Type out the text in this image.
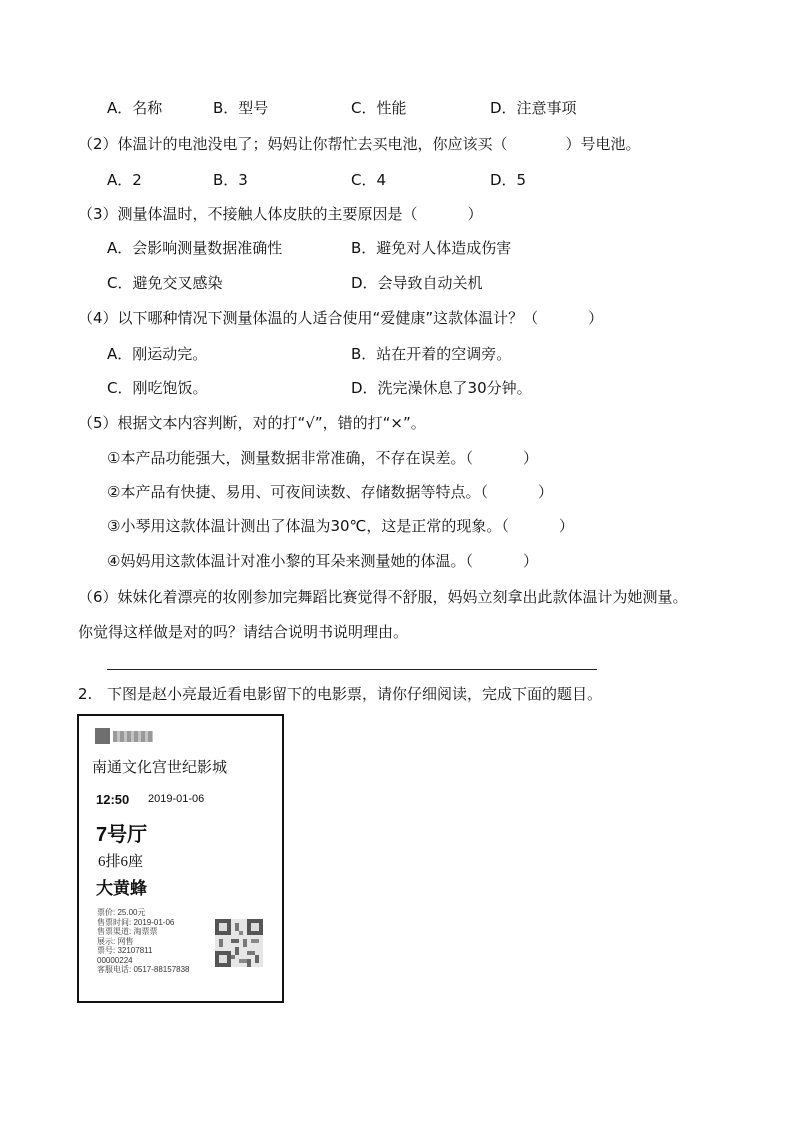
A．名称	B．型号	C．性能	D．注意事项
（2）体温计的电池没电了；妈妈让你帮忙去买电池，你应该买（	）号电池。
A．2	B．3	C．4	D．5
（3）测量体温时，不接触人体皮肤的主要原因是（	）
A．会影响测量数据准确性	B．避免对人体造成伤害
C．避免交叉感染	D．会导致自动关机
（4）以下哪种情况下测量体温的人适合使用“爱健康”这款体温计？（	）
A．刚运动完。	B．站在开着的空调旁。
C．刚吃饱饭。	D．洗完澡休息了30分钟。
（5）根据文本内容判断，对的打“√”，错的打“×”。
①本产品功能强大，测量数据非常准确，不存在误差。（	）
②本产品有快捷、易用、可夜间读数、存储数据等特点。（	）
③小琴用这款体温计测出了体温为30℃，这是正常的现象。（	）
④妈妈用这款体温计对准小黎的耳朵来测量她的体温。（	）
（6）妹妹化着漂亮的妆刚参加完舞蹈比赛觉得不舒服，妈妈立刻拿出此款体温计为她测量。
你觉得这样做是对的吗？请结合说明书说明理由。
2. 下图是赵小亮最近看电影留下的电影票，请你仔细阅读，完成下面的题目。
南通文化宫世纪影城
12:50 2019-01-06
7号厅
6排6座
大黄蜂
票价: 25.00元
售票时间: 2019-01-06
售票渠道: 淘票票
展示: 网售
票号: 32107811
00000224
客服电话: 0517-88157838
